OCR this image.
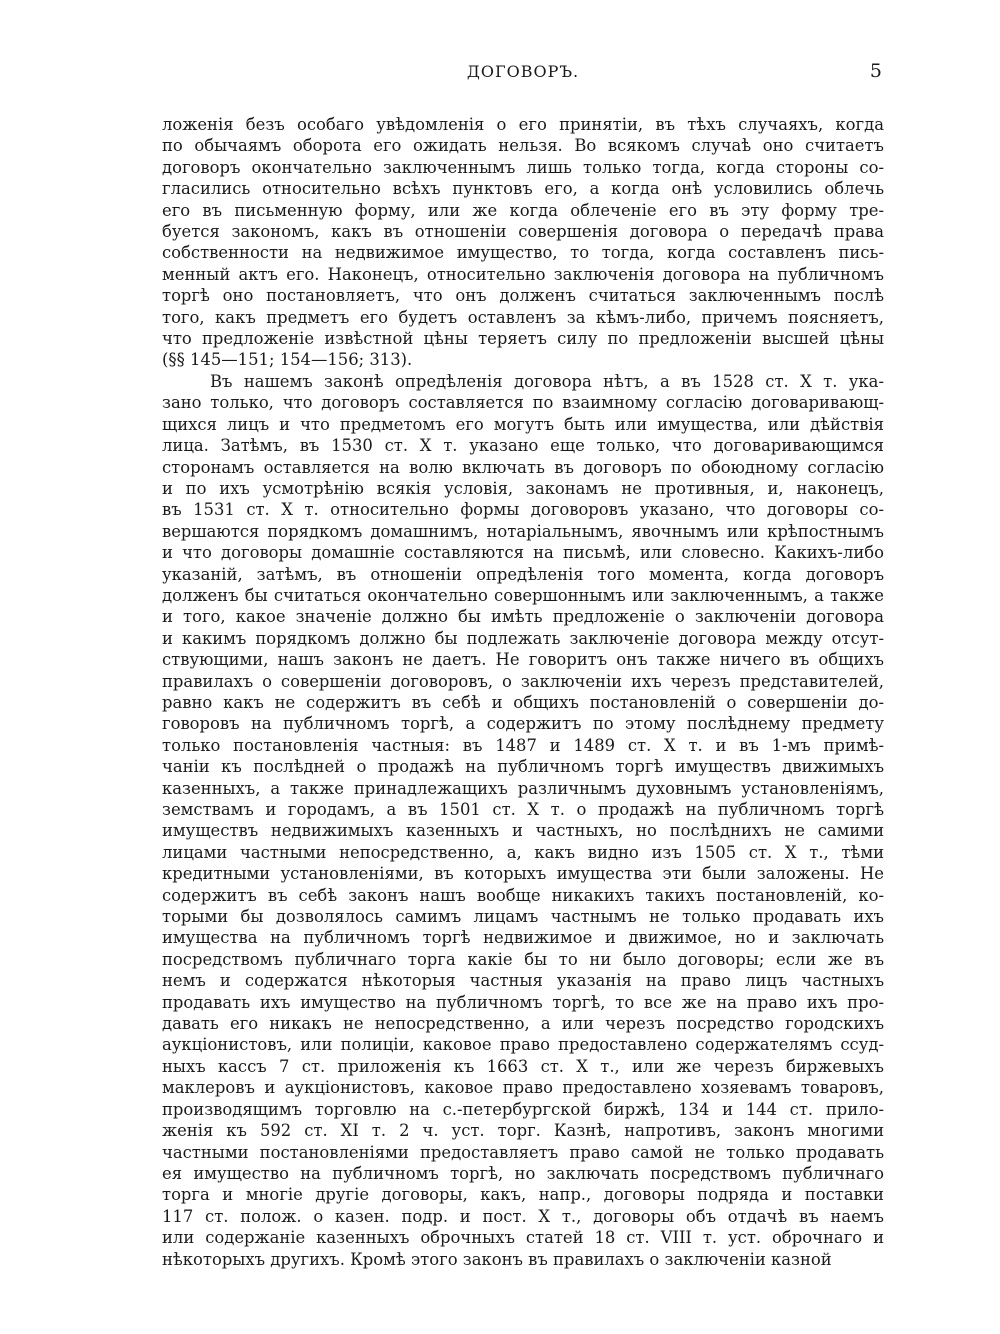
ДОГОВОРЪ.	5
ложенія безъ особаго увѣдомленія о его принятіи, въ тѣхъ случаяхъ, когда
по обычаямъ оборота его ожидать нельзя. Во всякомъ случаѣ оно считаетъ
договоръ окончательно заключеннымъ лишь только тогда, когда стороны со-
гласились относительно всѣхъ пунктовъ его, а когда онѣ условились облечь
его въ письменную форму, или же когда облеченіе его въ эту форму тре-
буется закономъ, какъ въ отношеніи совершенія договора о передачѣ права
собственности на недвижимое имущество, то тогда, когда составленъ пись-
менный актъ его. Наконецъ, относительно заключенія договора на публичномъ
торгѣ оно постановляетъ, что онъ долженъ считаться заключеннымъ послѣ
того, какъ предметъ его будетъ оставленъ за кѣмъ-либо, причемъ поясняетъ,
что предложеніе извѣстной цѣны теряетъ силу по предложеніи высшей цѣны
(§§ 145—151; 154—156; 313).
Въ нашемъ законѣ опредѣленія договора нѣтъ, а въ 1528 ст. X т. ука-
зано только, что договоръ составляется по взаимному согласію договаривающ-
щихся лицъ и что предметомъ его могутъ быть или имущества, или дѣйствія
лица. Затѣмъ, въ 1530 ст. X т. указано еще только, что договаривающимся
сторонамъ оставляется на волю включать въ договоръ по обоюдному согласію
и по ихъ усмотрѣнію всякія условія, законамъ не противныя, и, наконецъ,
въ 1531 ст. X т. относительно формы договоровъ указано, что договоры со-
вершаются порядкомъ домашнимъ, нотаріальнымъ, явочнымъ или крѣпостнымъ
и что договоры домашніе составляются на письмѣ, или словесно. Какихъ-либо
указаній, затѣмъ, въ отношеніи опредѣленія того момента, когда договоръ
долженъ бы считаться окончательно совершоннымъ или заключеннымъ, а также
и того, какое значеніе должно бы имѣть предложеніе о заключеніи договора
и какимъ порядкомъ должно бы подлежать заключеніе договора между отсут-
ствующими, нашъ законъ не даетъ. Не говоритъ онъ также ничего въ общихъ
правилахъ о совершеніи договоровъ, о заключеніи ихъ черезъ представителей,
равно какъ не содержитъ въ себѣ и общихъ постановленій о совершеніи до-
говоровъ на публичномъ торгѣ, а содержитъ по этому послѣднему предмету
только постановленія частныя: въ 1487 и 1489 ст. X т. и въ 1-мъ примѣ-
чаніи къ послѣдней о продажѣ на публичномъ торгѣ имуществъ движимыхъ
казенныхъ, а также принадлежащихъ различнымъ духовнымъ установленіямъ,
земствамъ и городамъ, а въ 1501 ст. X т. о продажѣ на публичномъ торгѣ
имуществъ недвижимыхъ казенныхъ и частныхъ, но послѣднихъ не самими
лицами частными непосредственно, а, какъ видно изъ 1505 ст. X т., тѣми
кредитными установленіями, въ которыхъ имущества эти были заложены. Не
содержитъ въ себѣ законъ нашъ вообще никакихъ такихъ постановленій, ко-
торыми бы дозволялось самимъ лицамъ частнымъ не только продавать ихъ
имущества на публичномъ торгѣ недвижимое и движимое, но и заключать
посредствомъ публичнаго торга какіе бы то ни было договоры; если же въ
немъ и содержатся нѣкоторыя частныя указанія на право лицъ частныхъ
продавать ихъ имущество на публичномъ торгѣ, то все же на право ихъ про-
давать его никакъ не непосредственно, а или черезъ посредство городскихъ
аукціонистовъ, или полиціи, каковое право предоставлено содержателямъ ссуд-
ныхъ кассъ 7 ст. приложенія къ 1663 ст. X т., или же черезъ биржевыхъ
маклеровъ и аукціонистовъ, каковое право предоставлено хозяевамъ товаровъ,
производящимъ торговлю на с.-петербургской биржѣ, 134 и 144 ст. прило-
женія къ 592 ст. XI т. 2 ч. уст. торг. Казнѣ, напротивъ, законъ многими
частными постановленіями предоставляетъ право самой не только продавать
ея имущество на публичномъ торгѣ, но заключать посредствомъ публичнаго
торга и многіе другіе договоры, какъ, напр., договоры подряда и поставки
117 ст. полож. о казен. подр. и пост. X т., договоры объ отдачѣ въ наемъ
или содержаніе казенныхъ оброчныхъ статей 18 ст. VIII т. уст. оброчнаго и
нѣкоторыхъ другихъ. Кромѣ этого законъ въ правилахъ о заключеніи казной
